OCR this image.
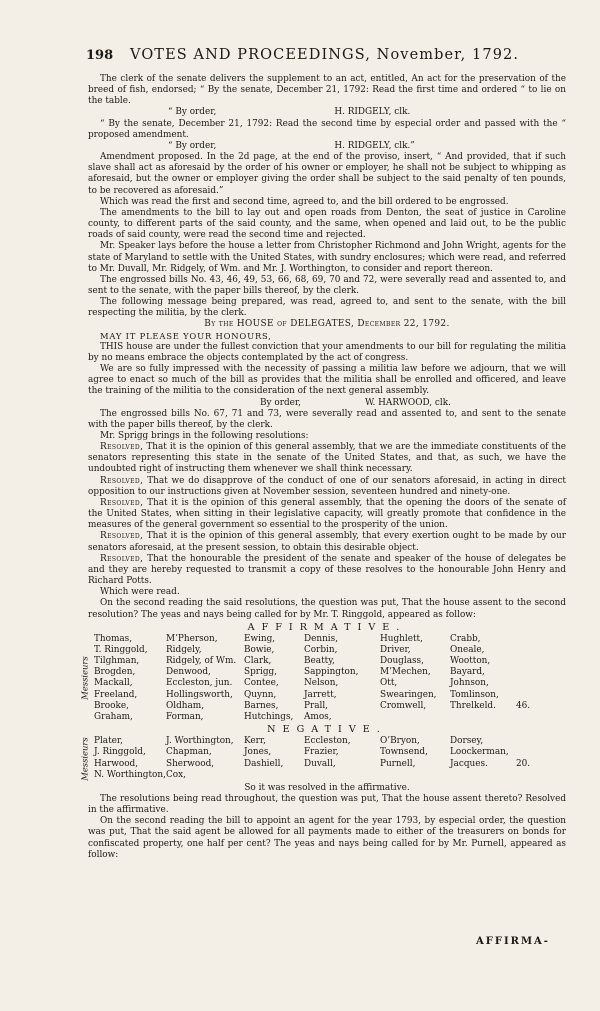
198 VOTES AND PROCEEDINGS, November, 1792.

The clerk of the senate delivers the supplement to an act, entitled, An act for the preservation of the breed of fish, endorsed; “ By the senate, December 21, 1792: Read the first time and ordered “ to lie on the table.

“ By order,	H. RIDGELY, clk.

“ By the senate, December 21, 1792: Read the second time by especial order and passed with the “ proposed amendment.

“ By order,	H. RIDGELY, clk.”

Amendment proposed. In the 2d page, at the end of the proviso, insert, “ And provided, that if such slave shall act as aforesaid by the order of his owner or employer, he shall not be subject to whipping as aforesaid, but the owner or employer giving the order shall be subject to the said penalty of ten pounds, to be recovered as aforesaid.”

Which was read the first and second time, agreed to, and the bill ordered to be engrossed.

The amendments to the bill to lay out and open roads from Denton, the seat of justice in Caroline county, to different parts of the said county, and the same, when opened and laid out, to be the public roads of said county, were read the second time and rejected.

Mr. Speaker lays before the house a letter from Christopher Richmond and John Wright, agents for the state of Maryland to settle with the United States, with sundry enclosures; which were read, and referred to Mr. Duvall, Mr. Ridgely, of Wm. and Mr. J. Worthington, to consider and report thereon.

The engrossed bills No. 43, 46, 49, 53, 66, 68, 69, 70 and 72, were severally read and assented to, and sent to the senate, with the paper bills thereof, by the clerk.

The following message being prepared, was read, agreed to, and sent to the senate, with the bill respecting the militia, by the clerk.

By the HOUSE of DELEGATES, December 22, 1792.

MAY IT PLEASE YOUR HONOURS,

THIS house are under the fullest conviction that your amendments to our bill for regulating the militia by no means embrace the objects contemplated by the act of congress.

We are so fully impressed with the necessity of passing a militia law before we adjourn, that we will agree to enact so much of the bill as provides that the militia shall be enrolled and officered, and leave the training of the militia to the consideration of the next general assembly.

By order,	W. HARWOOD, clk.

The engrossed bills No. 67, 71 and 73, were severally read and assented to, and sent to the senate with the paper bills thereof, by the clerk.

Mr. Sprigg brings in the following resolutions:

Resolved, That it is the opinion of this general assembly, that we are the immediate constituents of the senators representing this state in the senate of the United States, and that, as such, we have the undoubted right of instructing them whenever we shall think necessary.

Resolved, That we do disapprove of the conduct of one of our senators aforesaid, in acting in direct opposition to our instructions given at November session, seventeen hundred and ninety-one.

Resolved, That it is the opinion of this general assembly, that the opening the doors of the senate of the United States, when sitting in their legislative capacity, will greatly promote that confidence in the measures of the general government so essential to the prosperity of the union.

Resolved, That it is the opinion of this general assembly, that every exertion ought to be made by our senators aforesaid, at the present session, to obtain this desirable object.

Resolved, That the honourable the president of the senate and speaker of the house of delegates be and they are hereby requested to transmit a copy of these resolves to the honourable John Henry and Richard Potts.

Which were read.

On the second reading the said resolutions, the question was put, That the house assent to the second resolution? The yeas and nays being called for by Mr. T. Ringgold, appeared as follow:

AFFIRMATIVE.

Messieurs
Thomas,	M’Pherson,	Ewing,	Dennis,	Hughlett,	Crabb,	
T. Ringgold,	Ridgely,	Bowie,	Corbin,	Driver,	Oneale,	
Tilghman,	Ridgely, of Wm.	Clark,	Beatty,	Douglass,	Wootton,	
Brogden,	Denwood,	Sprigg,	Sappington,	M’Mechen,	Bayard,	
Mackall,	Eccleston, jun.	Contee,	Nelson,	Ott,	Johnson,	
Freeland,	Hollingsworth,	Quynn,	Jarrett,	Swearingen,	Tomlinson,	
Brooke,	Oldham,	Barnes,	Prall,	Cromwell,	Threlkeld.	46.
Graham,	Forman,	Hutchings,	Amos,			

NEGATIVE.

Messieurs Plater,	J. Worthington,	Kerr,	Eccleston,	O’Bryon,	Dorsey,	
J. Ringgold,	Chapman,	Jones,	Frazier,	Townsend,	Loockerman,	
Harwood,	Sherwood,	Dashiell,	Duvall,	Purnell,	Jacques.	20.
N. Worthington,	Cox,					

So it was resolved in the affirmative.

The resolutions being read throughout, the question was put, That the house assent thereto? Resolved in the affirmative.

On the second reading the bill to appoint an agent for the year 1793, by especial order, the question was put, That the said agent be allowed for all payments made to either of the treasurers on bonds for confiscated property, one half per cent? The yeas and nays being called for by Mr. Purnell, appeared as follow:

AFFIRMA-
